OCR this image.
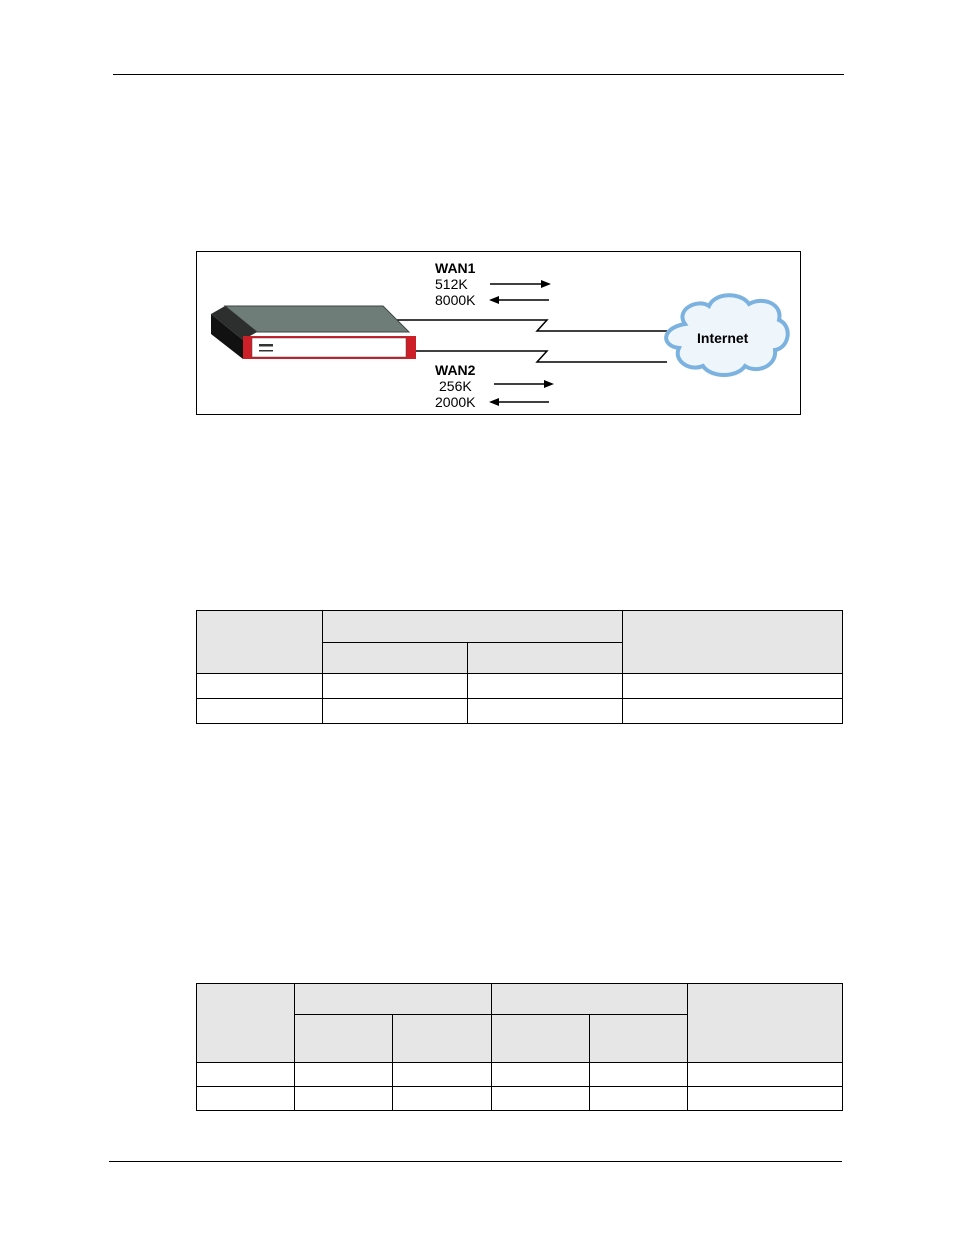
WAN1
512K
8000K
Internet
WAN2
256K
2000K
